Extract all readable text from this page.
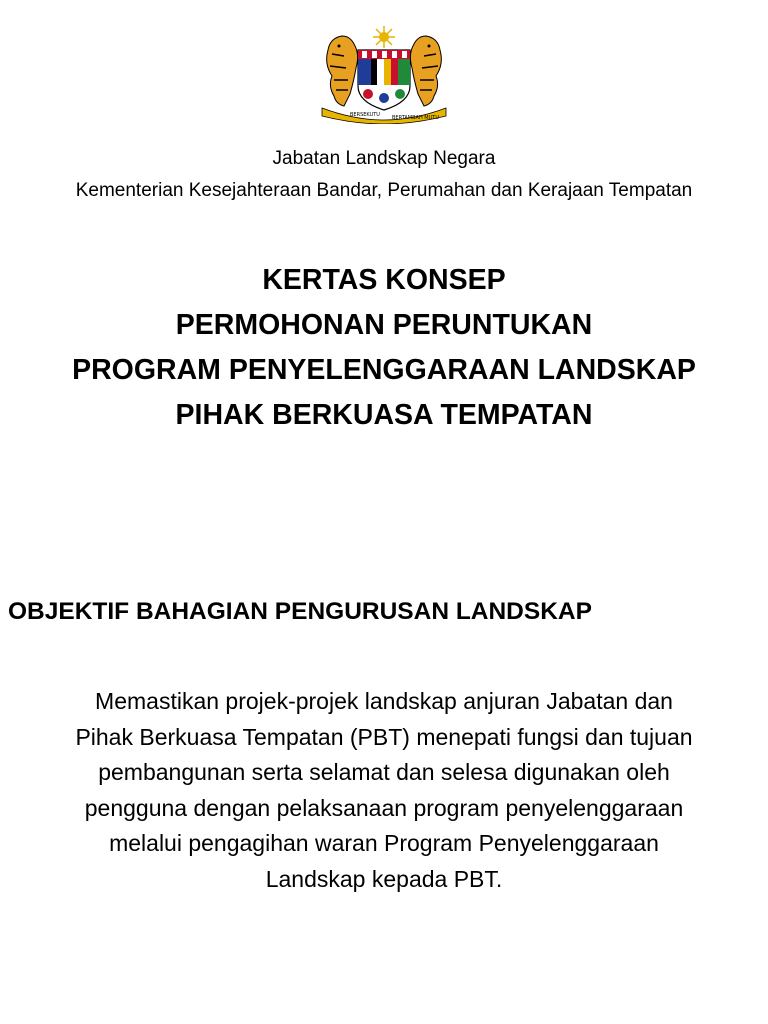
BERSEKUTU BERTAMBAH MUTU
Jabatan Landskap Negara
Kementerian Kesejahteraan Bandar, Perumahan dan Kerajaan Tempatan
KERTAS KONSEP
PERMOHONAN PERUNTUKAN
PROGRAM PENYELENGGARAAN LANDSKAP
PIHAK BERKUASA TEMPATAN
OBJEKTIF BAHAGIAN PENGURUSAN LANDSKAP
Memastikan projek-projek landskap anjuran Jabatan dan
Pihak Berkuasa Tempatan (PBT) menepati fungsi dan tujuan
pembangunan serta selamat dan selesa digunakan oleh
pengguna dengan pelaksanaan program penyelenggaraan
melalui pengagihan waran Program Penyelenggaraan
Landskap kepada PBT.
